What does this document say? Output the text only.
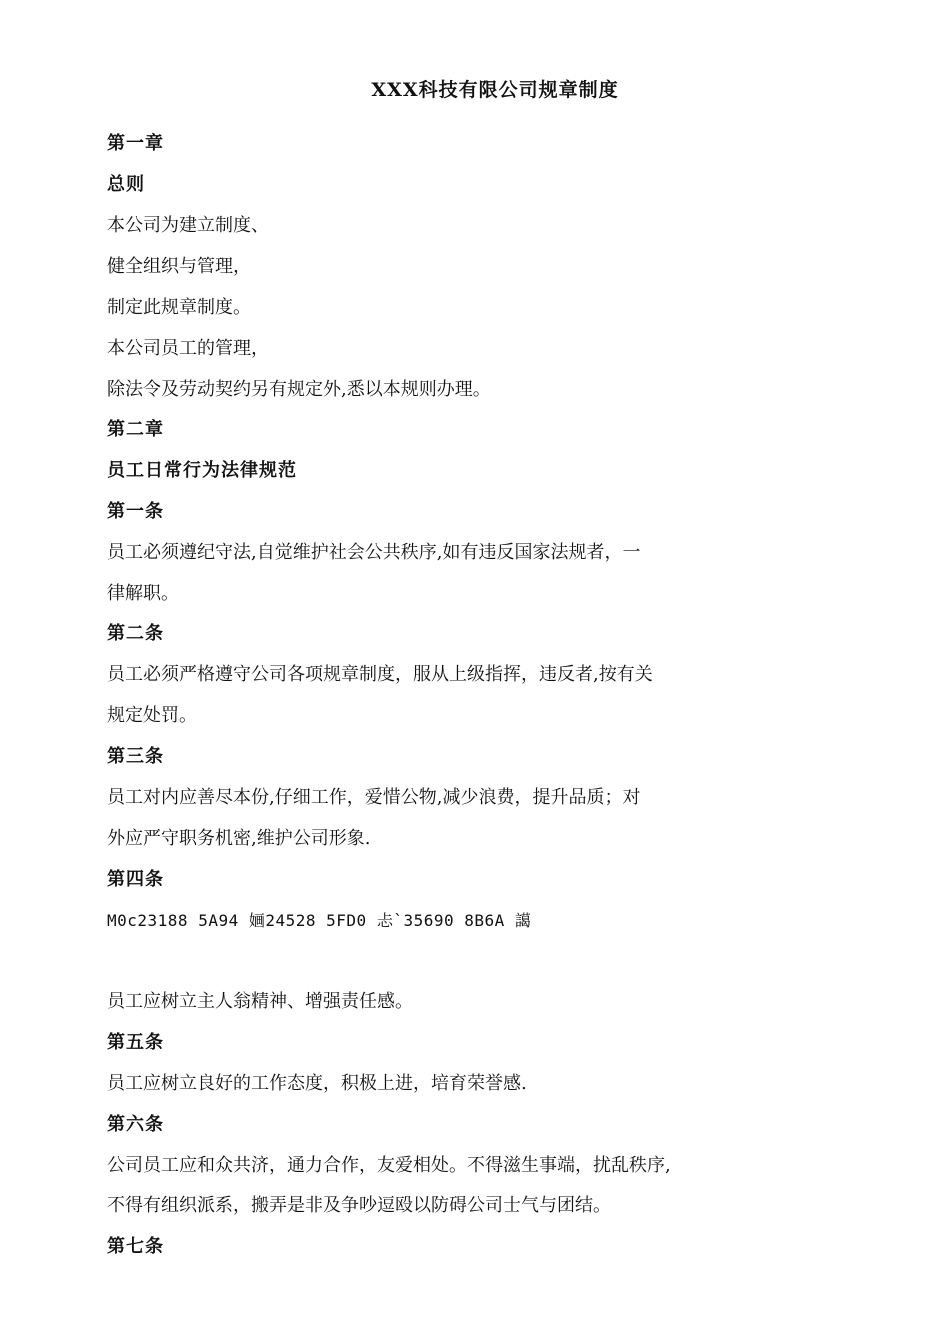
XXX科技有限公司规章制度
第一章
总则
本公司为建立制度、
健全组织与管理，
制定此规章制度。
本公司员工的管理，
除法令及劳动契约另有规定外,悉以本规则办理。
第二章
员工日常行为法律规范
第一条
员工必须遵纪守法,自觉维护社会公共秩序,如有违反国家法规者，一
律解职。
第二条
员工必须严格遵守公司各项规章制度，服从上级指挥，违反者,按有关
规定处罚。
第三条
员工对内应善尽本份,仔细工作，爱惜公物,减少浪费，提升品质；对
外应严守职务机密,维护公司形象.
第四条
M0c23188 5A94 婳24528 5FD0 忐`35690 8B6A 譪
员工应树立主人翁精神、增强责任感。
第五条
员工应树立良好的工作态度，积极上进，培育荣誉感.
第六条
公司员工应和众共济，通力合作，友爱相处。不得滋生事端，扰乱秩序,
不得有组织派系，搬弄是非及争吵逗殴以防碍公司士气与团结。
第七条
